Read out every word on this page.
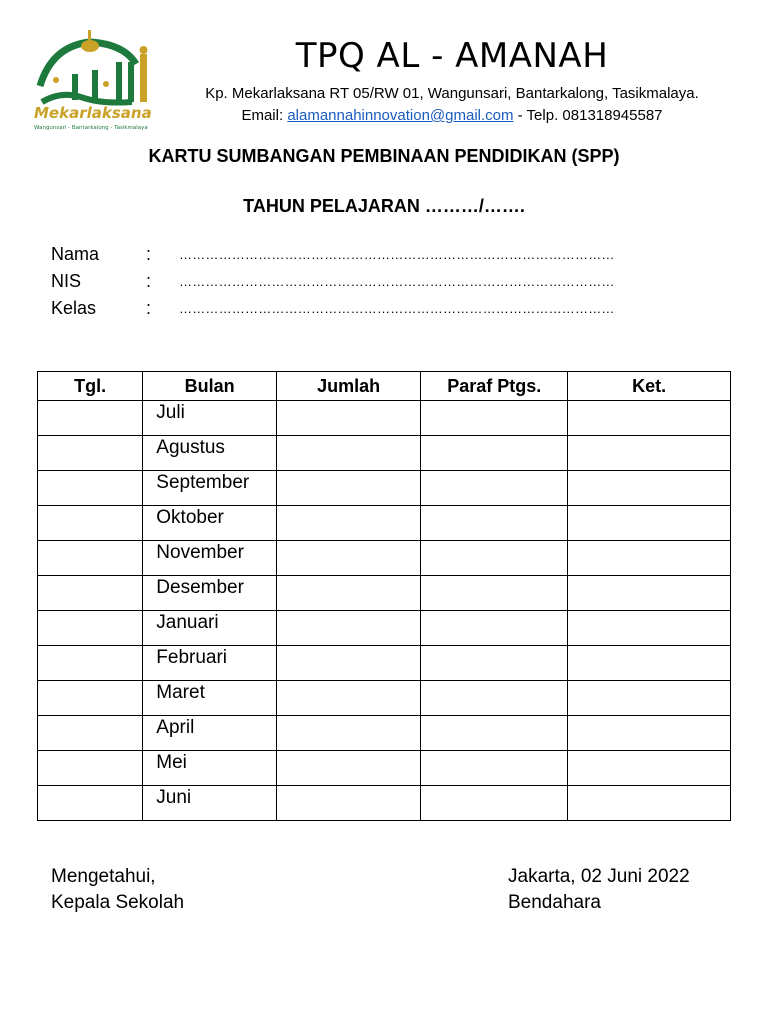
Mekarlaksana
Wangunsari - Bantarkalong - Tasikmalaya
TPQ AL - AMANAH
Kp. Mekarlaksana RT 05/RW 01, Wangunsari, Bantarkalong, Tasikmalaya.
Email: alamannahinnovation@gmail.com - Telp. 081318945587
KARTU SUMBANGAN PEMBINAAN PENDIDIKAN (SPP)
TAHUN PELAJARAN ………/…….
Nama	:	………………………………………………………………………………………
NIS	:	………………………………………………………………………………………
Kelas	:	………………………………………………………………………………………
Tgl.	Bulan	Jumlah	Paraf Ptgs.	Ket.
	Juli			
	Agustus			
	September			
	Oktober			
	November			
	Desember			
	Januari			
	Februari			
	Maret			
	April			
	Mei			
	Juni			
Mengetahui,
Kepala Sekolah
Jakarta, 02 Juni 2022
Bendahara
